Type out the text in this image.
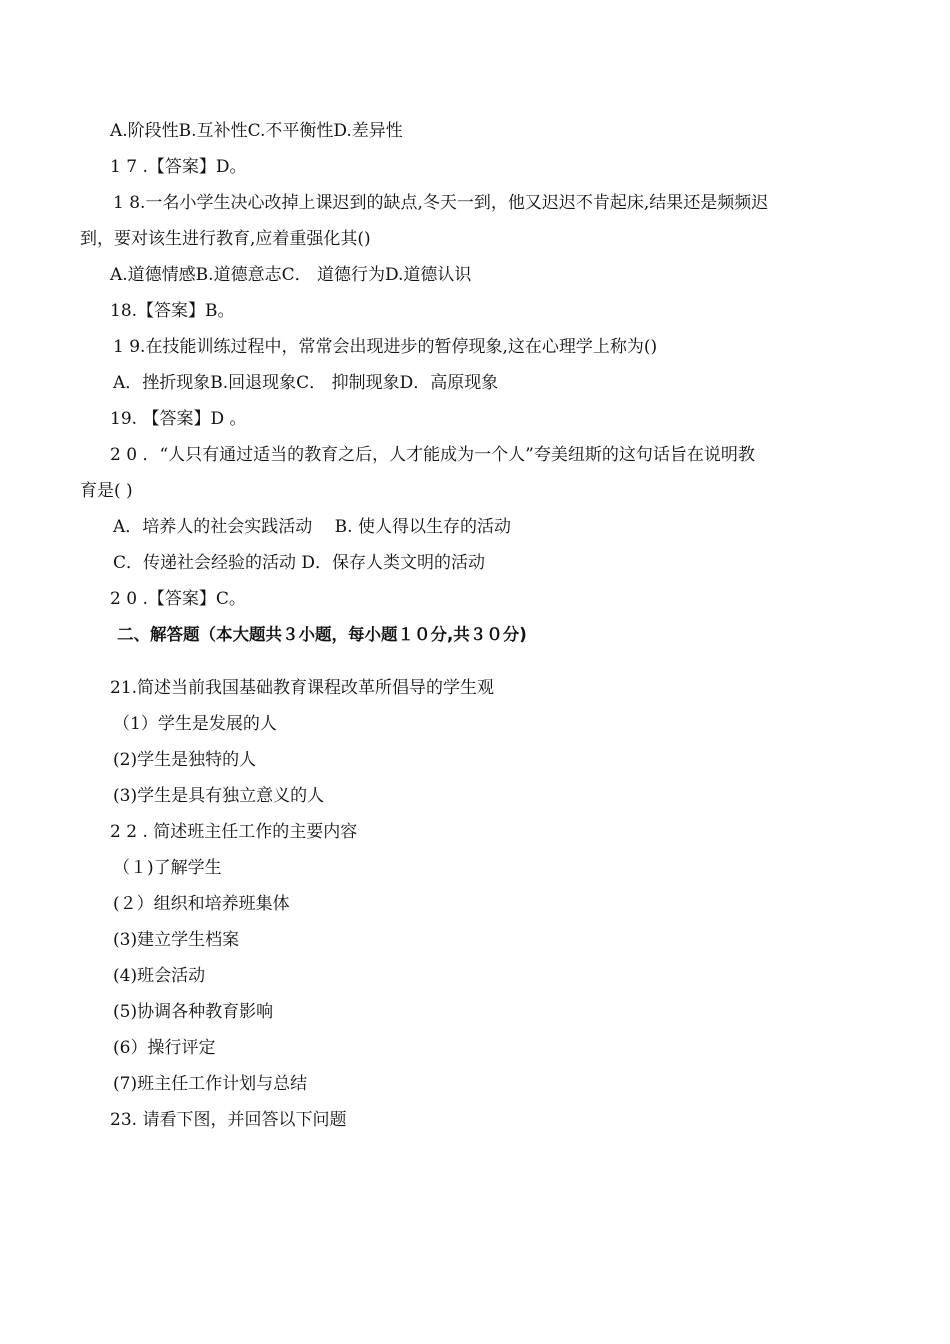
A.阶段性B.互补性C.不平衡性D.差异性
1 7 .【答案】D。
1 8.一名小学生决心改掉上课迟到的缺点,冬天一到，他又迟迟不肯起床,结果还是频频迟
到，要对该生进行教育,应着重强化其()
A.道德情感B.道德意志C． 道德行为D.道德认识
18.【答案】B。
1 9.在技能训练过程中，常常会出现进步的暂停现象,这在心理学上称为()
A．挫折现象B.回退现象C． 抑制现象D．高原现象
19. 【答案】D 。
2 0 ．“人只有通过适当的教育之后，人才能成为一个人”夸美纽斯的这句话旨在说明教
育是( )
A．培养人的社会实践活动 　B. 使人得以生存的活动
C．传递社会经验的活动 D．保存人类文明的活动
2 0 .【答案】C。
二、解答题（本大题共３小题，每小题１０分,共３０分)
21.简述当前我国基础教育课程改革所倡导的学生观
（1）学生是发展的人
(2)学生是独特的人
(3)学生是具有独立意义的人
2 2 . 简述班主任工作的主要内容
（１)了解学生
(２）组织和培养班集体
(3)建立学生档案
(4)班会活动
(5)协调各种教育影响
(6）操行评定
(7)班主任工作计划与总结
23. 请看下图，并回答以下问题
